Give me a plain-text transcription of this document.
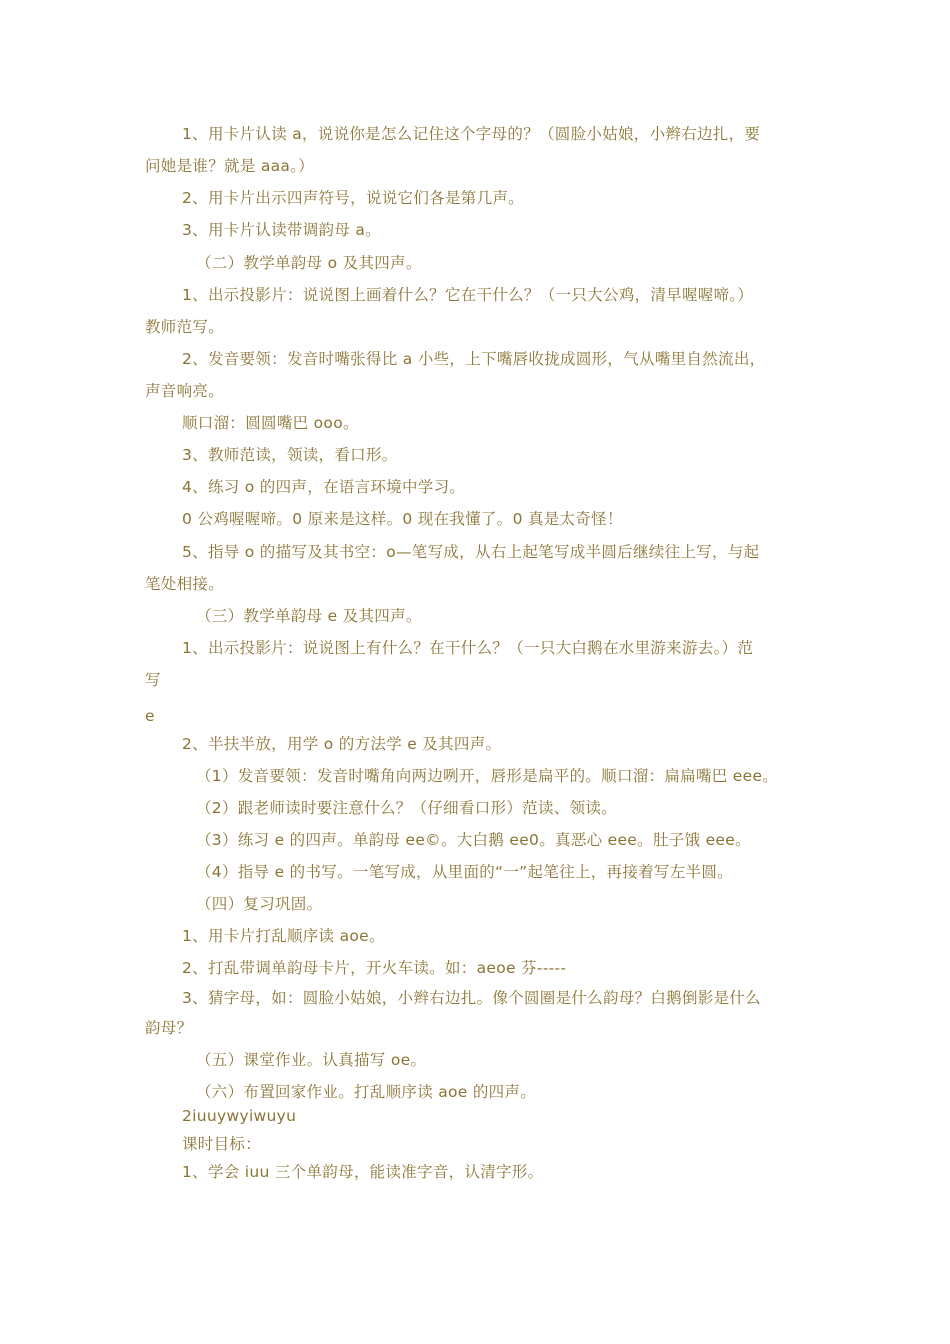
1、用卡片认读 a，说说你是怎么记住这个字母的？（圆脸小姑娘，小辫右边扎，要
问她是谁？就是 aaa。）
2、用卡片出示四声符号，说说它们各是第几声。
3、用卡片认读带调韵母 a。
（二）教学单韵母 o 及其四声。
1、出示投影片：说说图上画着什么？它在干什么？（一只大公鸡，清早喔喔啼。）
教师范写。
2、发音要领：发音时嘴张得比 a 小些，上下嘴唇收拢成圆形，气从嘴里自然流出，
声音响亮。
顺口溜：圆圆嘴巴 ooo。
3、教师范读，领读，看口形。
4、练习 o 的四声，在语言环境中学习。
0 公鸡喔喔啼。0 原来是这样。0 现在我懂了。0 真是太奇怪！
5、指导 o 的描写及其书空：o—笔写成，从右上起笔写成半圆后继续往上写，与起
笔处相接。
（三）教学单韵母 e 及其四声。
1、出示投影片：说说图上有什么？在干什么？（一只大白鹅在水里游来游去。）范
写
e
2、半扶半放，用学 o 的方法学 e 及其四声。
（1）发音要领：发音时嘴角向两边咧开，唇形是扁平的。顺口溜：扁扁嘴巴 eee。
（2）跟老师读时要注意什么？（仔细看口形）范读、领读。
（3）练习 e 的四声。单韵母 ee©。大白鹅 ee0。真恶心 eee。肚子饿 eee。
（4）指导 e 的书写。一笔写成，从里面的“一”起笔往上，再接着写左半圆。
（四）复习巩固。
1、用卡片打乱顺序读 aoe。
2、打乱带调单韵母卡片，开火车读。如：aeoe 芬-----
3、猜字母，如：圆脸小姑娘，小辫右边扎。像个圆圈是什么韵母？白鹅倒影是什么
韵母？
（五）课堂作业。认真描写 oe。
（六）布置回家作业。打乱顺序读 aoe 的四声。
2iuuywyiwuyu
课时目标：
1、学会 iuu 三个单韵母，能读准字音，认清字形。
